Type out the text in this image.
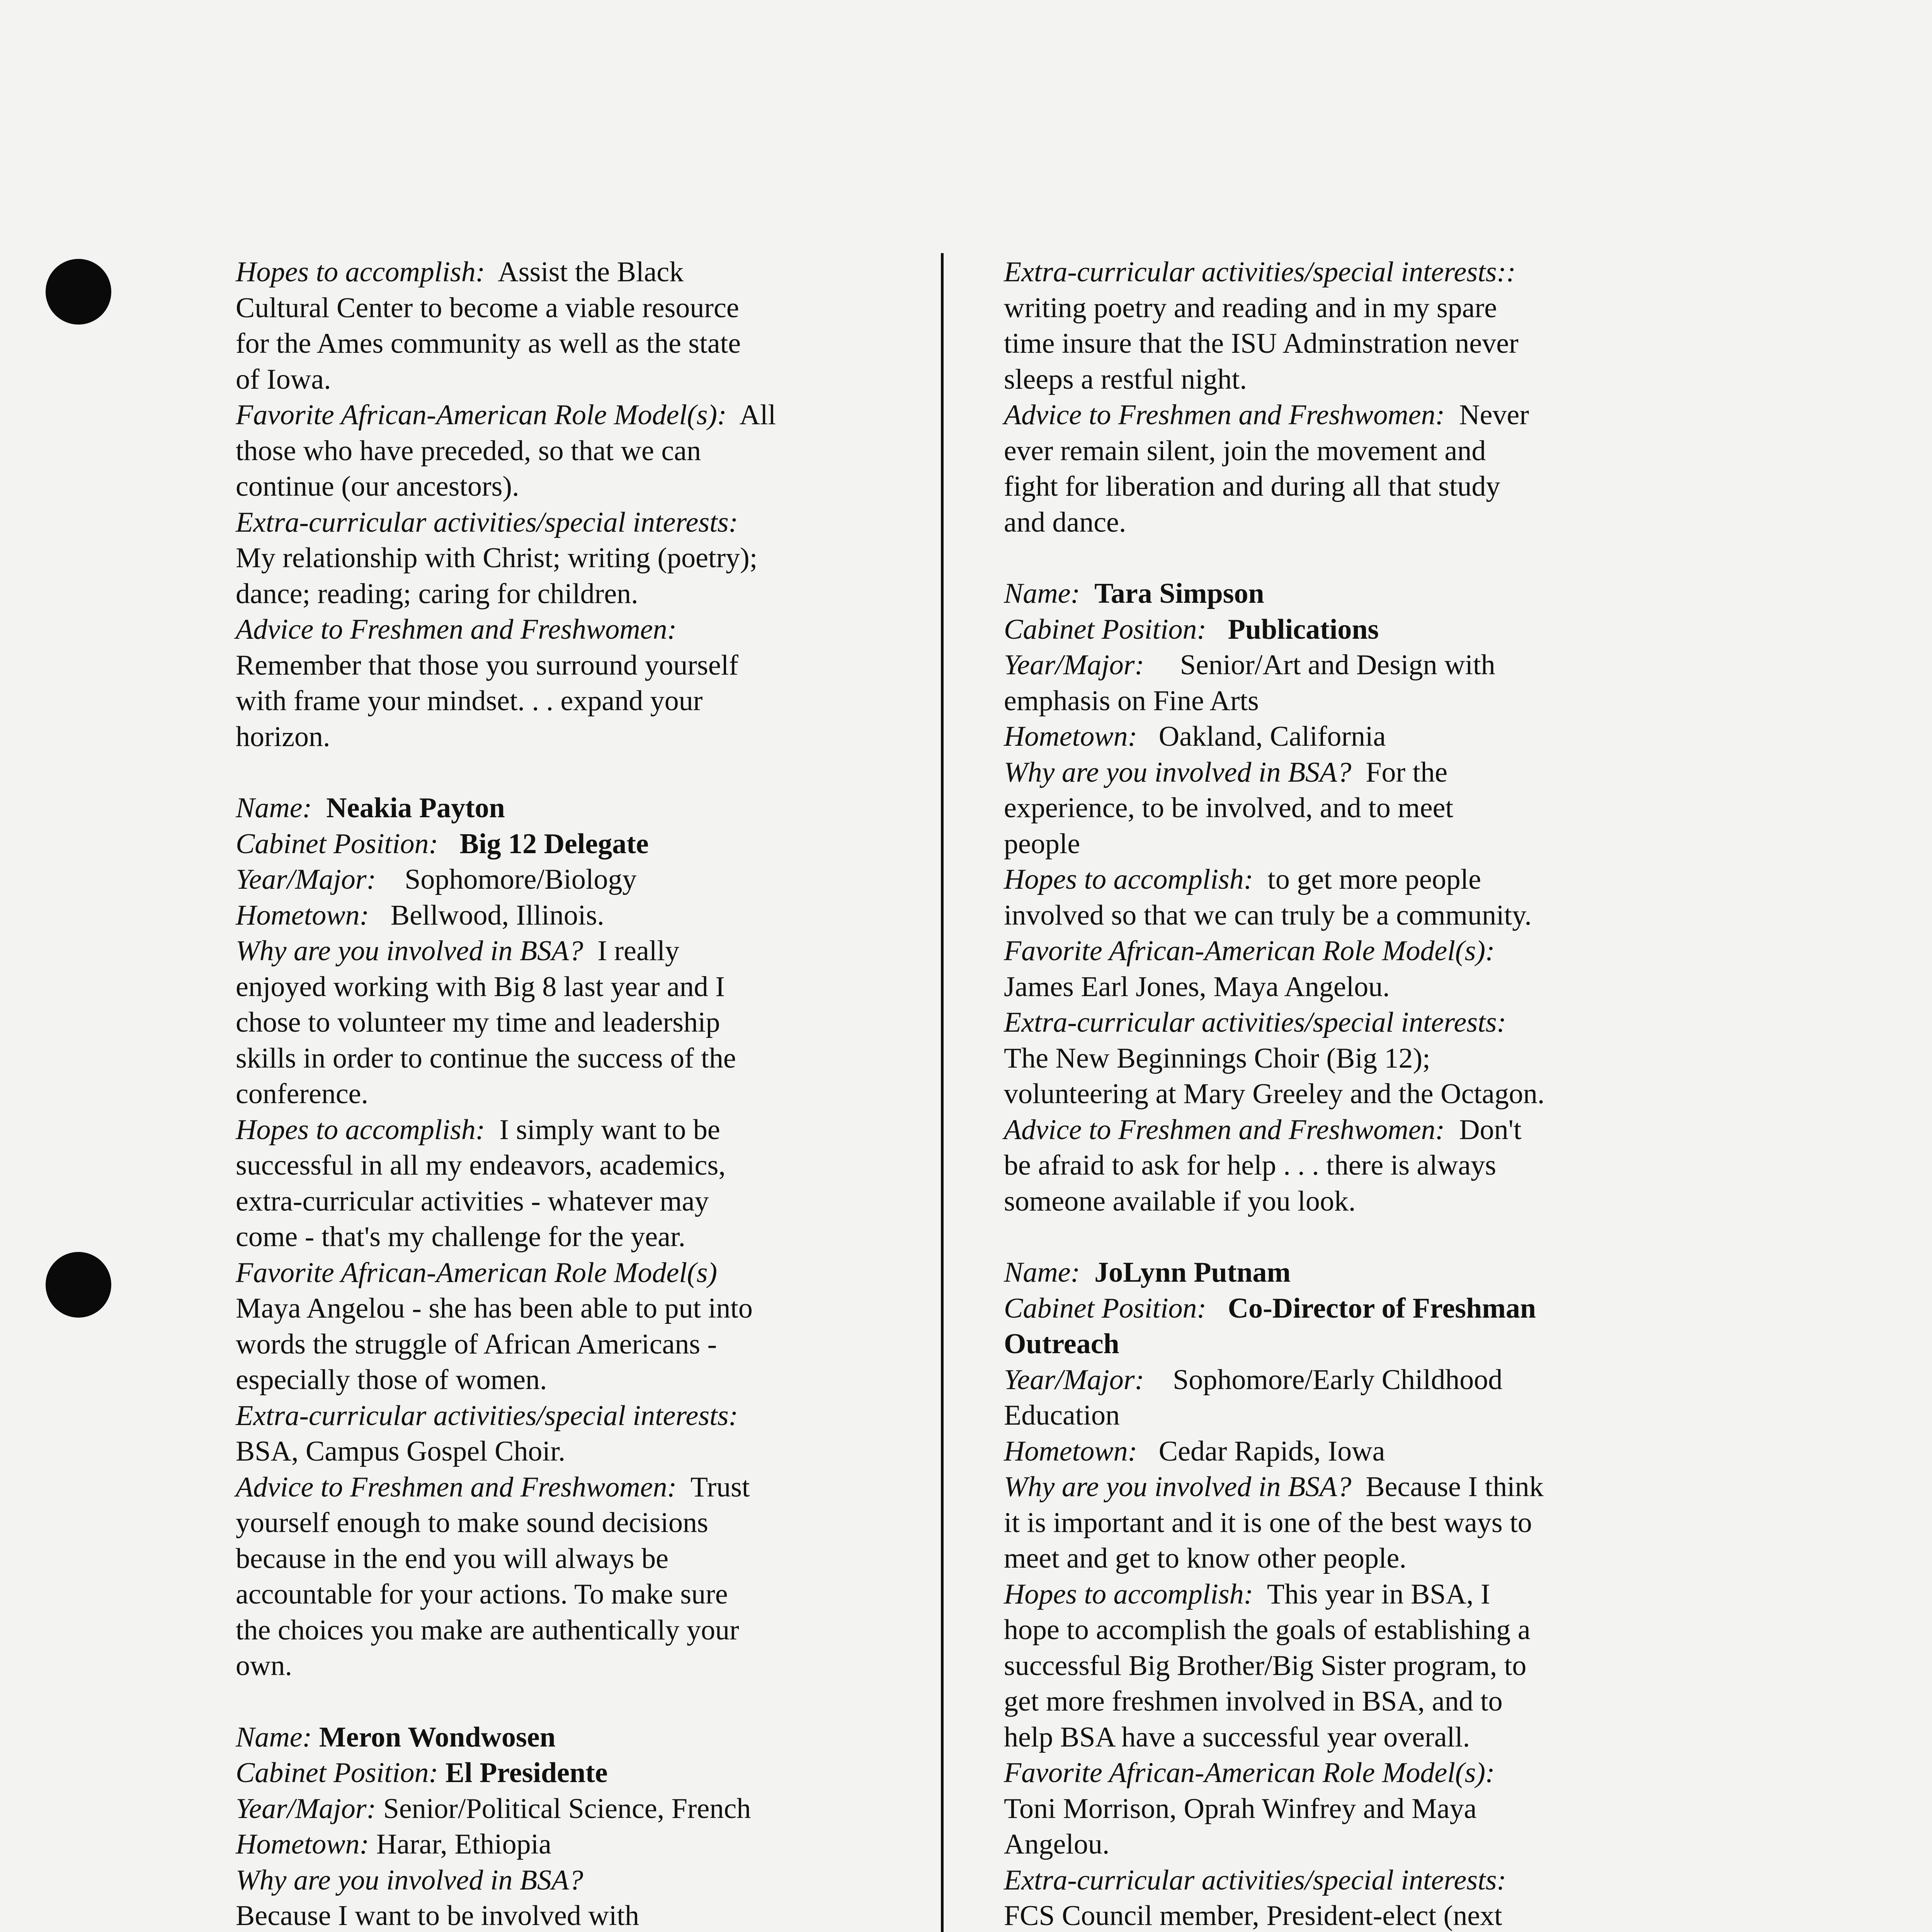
Hopes to accomplish: Assist the Black
Cultural Center to become a viable resource
for the Ames community as well as the state
of Iowa.
Favorite African-American Role Model(s): All
those who have preceded, so that we can
continue (our ancestors).
Extra-curricular activities/special interests:
My relationship with Christ; writing (poetry);
dance; reading; caring for children.
Advice to Freshmen and Freshwomen:
Remember that those you surround yourself
with frame your mindset. . . expand your
horizon.
Name: Neakia Payton
Cabinet Position: Big 12 Delegate
Year/Major: Sophomore/Biology
Hometown: Bellwood, Illinois.
Why are you involved in BSA? I really
enjoyed working with Big 8 last year and I
chose to volunteer my time and leadership
skills in order to continue the success of the
conference.
Hopes to accomplish: I simply want to be
successful in all my endeavors, academics,
extra-curricular activities - whatever may
come - that's my challenge for the year.
Favorite African-American Role Model(s)
Maya Angelou - she has been able to put into
words the struggle of African Americans -
especially those of women.
Extra-curricular activities/special interests:
BSA, Campus Gospel Choir.
Advice to Freshmen and Freshwomen: Trust
yourself enough to make sound decisions
because in the end you will always be
accountable for your actions. To make sure
the choices you make are authentically your
own.
Name: Meron Wondwosen
Cabinet Position: El Presidente
Year/Major: Senior/Political Science, French
Hometown: Harar, Ethiopia
Why are you involved in BSA?
Because I want to be involved with

Extra-curricular activities/special interests::
writing poetry and reading and in my spare
time insure that the ISU Adminstration never
sleeps a restful night.
Advice to Freshmen and Freshwomen: Never
ever remain silent, join the movement and
fight for liberation and during all that study
and dance.
Name: Tara Simpson
Cabinet Position: Publications
Year/Major: Senior/Art and Design with
emphasis on Fine Arts
Hometown: Oakland, California
Why are you involved in BSA? For the
experience, to be involved, and to meet
people
Hopes to accomplish: to get more people
involved so that we can truly be a community.
Favorite African-American Role Model(s):
James Earl Jones, Maya Angelou.
Extra-curricular activities/special interests:
The New Beginnings Choir (Big 12);
volunteering at Mary Greeley and the Octagon.
Advice to Freshmen and Freshwomen: Don't
be afraid to ask for help . . . there is always
someone available if you look.
Name: JoLynn Putnam
Cabinet Position: Co-Director of Freshman
Outreach
Year/Major: Sophomore/Early Childhood
Education
Hometown: Cedar Rapids, Iowa
Why are you involved in BSA? Because I think
it is important and it is one of the best ways to
meet and get to know other people.
Hopes to accomplish: This year in BSA, I
hope to accomplish the goals of establishing a
successful Big Brother/Big Sister program, to
get more freshmen involved in BSA, and to
help BSA have a successful year overall.
Favorite African-American Role Model(s):
Toni Morrison, Oprah Winfrey and Maya
Angelou.
Extra-curricular activities/special interests:
FCS Council member, President-elect (next
